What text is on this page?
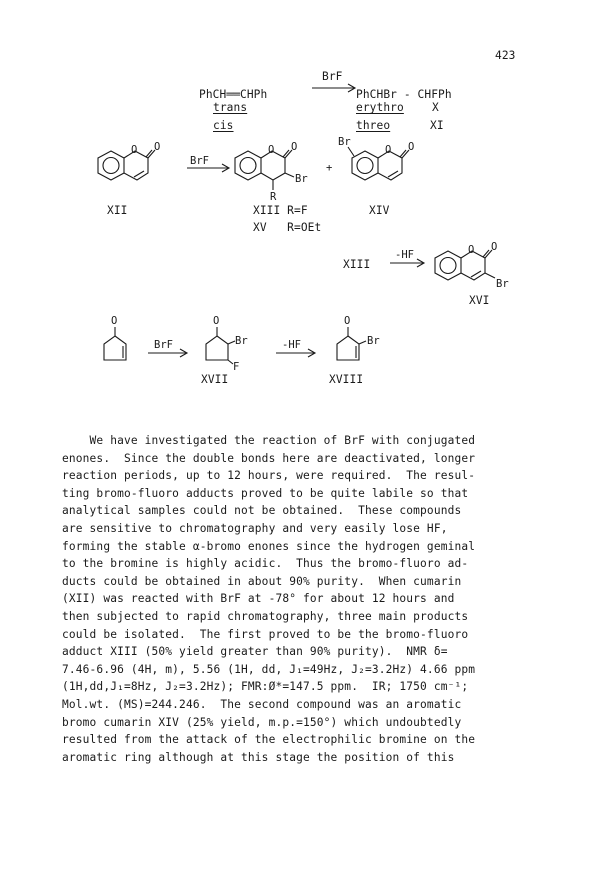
423
PhCH══CHPh
BrF
PhCHBr - CHFPh
trans
cis
erythro
threo
X
XI
O O
BrF
O O
Br
R
+
Br
O O
XII	XIII R=F	XIV
XV   R=OEt
XIII
-HF	O O
Br
XVI
O
BrF
O
Br
F
-HF
O
Br
XVII	XVIII
We have investigated the reaction of BrF with conjugated
enones.  Since the double bonds here are deactivated, longer
reaction periods, up to 12 hours, were required.  The resul-
ting bromo-fluoro adducts proved to be quite labile so that
analytical samples could not be obtained.  These compounds
are sensitive to chromatography and very easily lose HF,
forming the stable α-bromo enones since the hydrogen geminal
to the bromine is highly acidic.  Thus the bromo-fluoro ad-
ducts could be obtained in about 90% purity.  When cumarin
(XII) was reacted with BrF at -78° for about 12 hours and
then subjected to rapid chromatography, three main products
could be isolated.  The first proved to be the bromo-fluoro
adduct XIII (50% yield greater than 90% purity).  NMR δ=
7.46-6.96 (4H, m), 5.56 (1H, dd, J₁=49Hz, J₂=3.2Hz) 4.66 ppm
(1H,dd,J₁=8Hz, J₂=3.2Hz); FMR:Ø*=147.5 ppm.  IR; 1750 cm⁻¹;
Mol.wt. (MS)=244.246.  The second compound was an aromatic
bromo cumarin XIV (25% yield, m.p.=150°) which undoubtedly
resulted from the attack of the electrophilic bromine on the
aromatic ring although at this stage the position of this
